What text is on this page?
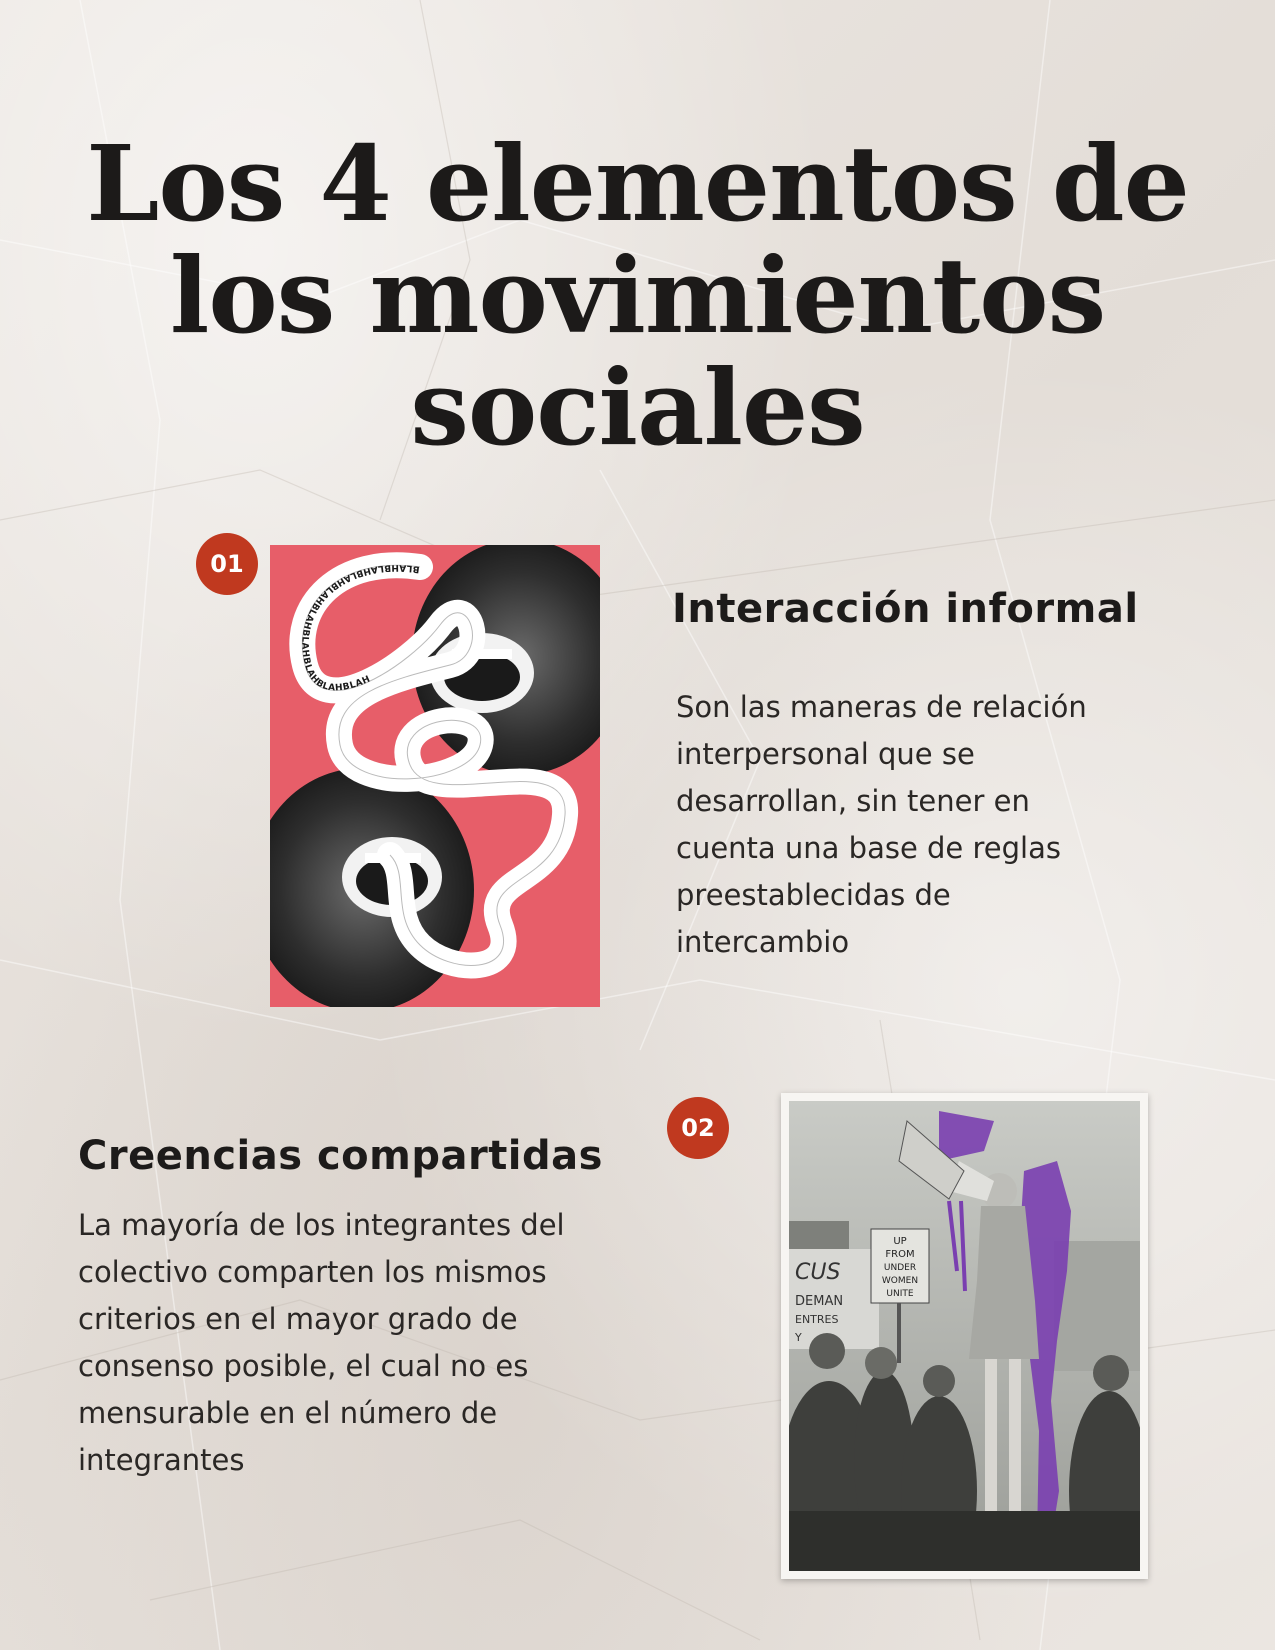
Los 4 elementos de
los movimientos
sociales
BLAHBLAHBLAHBLAHBLAHBLAHBLAHBLAHBLAH
01
Interacción informal

Son las maneras de relación interpersonal que se desarrollan, sin tener en cuenta una base de reglas preestablecidas de intercambio

02
Creencias compartidas

La mayoría de los integrantes del colectivo comparten los mismos criterios en el mayor grado de consenso posible, el cual no es mensurable en el número de integrantes

CUS
DEMAN
ENTRES
Y
UP
FROM
UNDER
WOMEN
UNITE
